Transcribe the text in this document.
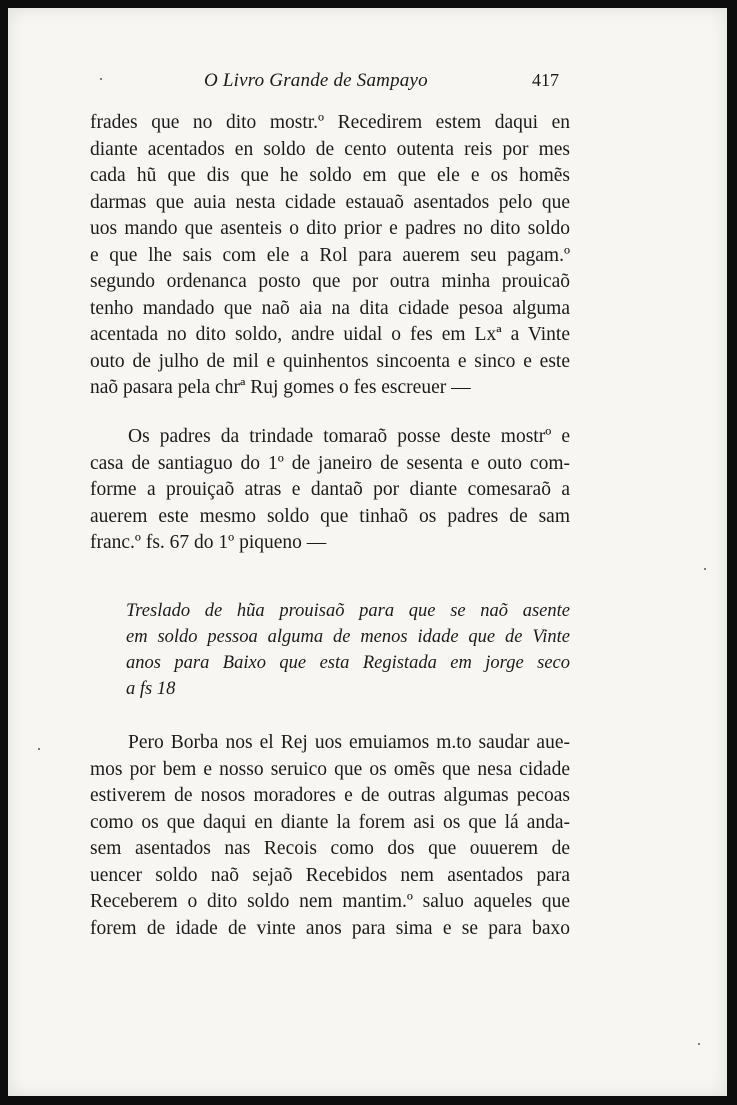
O Livro Grande de Sampayo	417
frades que no dito mostr.º Recedirem estem daqui en
diante acentados en soldo de cento outenta reis por mes
cada hũ que dis que he soldo em que ele e os homẽs
darmas que auia nesta cidade estauaõ asentados pelo que
uos mando que asenteis o dito prior e padres no dito soldo
e que lhe sais com ele a Rol para auerem seu pagam.º
segundo ordenanca posto que por outra minha prouicaõ
tenho mandado que naõ aia na dita cidade pesoa alguma
acentada no dito soldo, andre uidal o fes em Lxª a Vinte
outo de julho de mil e quinhentos sincoenta e sinco e este
naõ pasara pela chrª Ruj gomes o fes escreuer —
Os padres da trindade tomaraõ posse deste mostrº e
casa de santiaguo do 1º de janeiro de sesenta e outo com-
forme a prouiçaõ atras e dantaõ por diante comesaraõ a
auerem este mesmo soldo que tinhaõ os padres de sam
franc.º fs. 67 do 1º piqueno —
Treslado de hũa prouisaõ para que se naõ asente
em soldo pessoa alguma de menos idade que de Vinte
anos para Baixo que esta Registada em jorge seco
a fs 18
Pero Borba nos el Rej uos emuiamos m.to saudar aue-
mos por bem e nosso seruico que os omẽs que nesa cidade
estiverem de nosos moradores e de outras algumas pecoas
como os que daqui en diante la forem asi os que lá anda-
sem asentados nas Recois como dos que ouuerem de
uencer soldo naõ sejaõ Recebidos nem asentados para
Receberem o dito soldo nem mantim.º saluo aqueles que
forem de idade de vinte anos para sima e se para baxo
